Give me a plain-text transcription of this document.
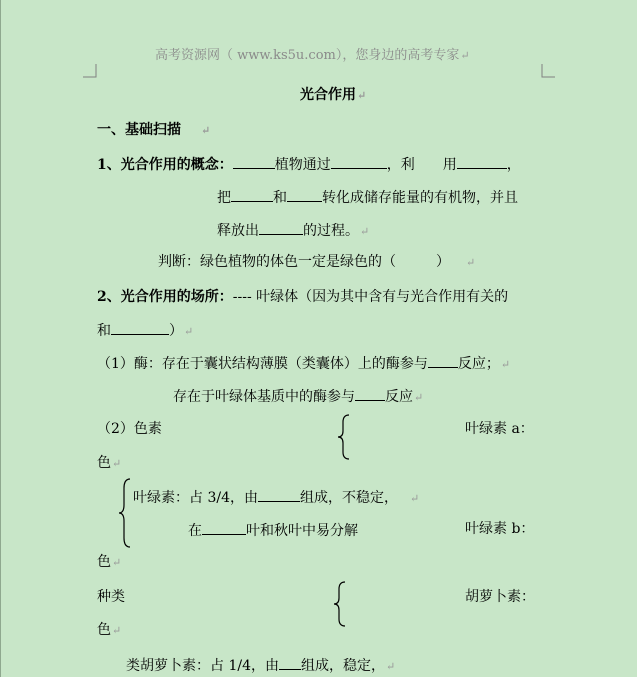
高考资源网（ www.ks5u.com），您身边的高考专家↵
光合作用↵
一、基础扫描 ↵
1、光合作用的概念：	植物通过	，利 用	，
把	和	转化成储存能量的有机物，并且
释放出	的过程。↵
判断：绿色植物的体色一定是绿色的（	） ↵
2、光合作用的场所：---- 叶绿体（因为其中含有与光合作用有关的
和	）↵
（1）酶：存在于囊状结构薄膜（类囊体）上的酶参与 反应；↵
存在于叶绿体基质中的酶参与 反应↵
（2）色素	叶绿素 a：
色↵
叶绿素：占 3/4，由	组成，不稳定， ↵
在	叶和秋叶中易分解	叶绿素 b：
色↵
种类	胡萝卜素：
色↵
类胡萝卜素：占 1/4，由 组成，稳定，↵
